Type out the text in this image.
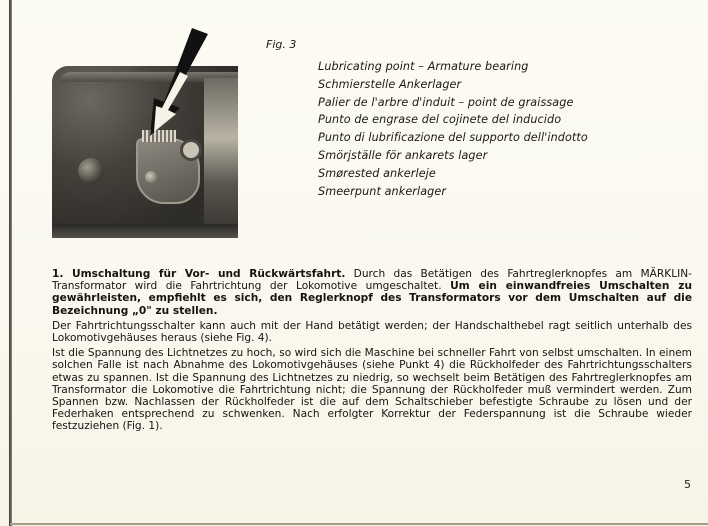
Fig. 3
Lubricating point – Armature bearing
Schmierstelle Ankerlager
Palier de l'arbre d'induit – point de graissage
Punto de engrase del cojinete del inducido
Punto di lubrificazione del supporto dell'indotto
Smörjställe för ankarets lager
Smørested ankerleje
Smeerpunt ankerlager

1. Umschaltung für Vor- und Rückwärtsfahrt. Durch das Betätigen des Fahrtreglerknopfes am MÄRKLIN-Transformator wird die Fahrtrichtung der Lokomotive umgeschaltet. Um ein einwandfreies Umschalten zu gewährleisten, empfiehlt es sich, den Reglerknopf des Transformators vor dem Umschalten auf die Bezeichnung „0" zu stellen.

Der Fahrtrichtungsschalter kann auch mit der Hand betätigt werden; der Handschalthebel ragt seitlich unterhalb des Lokomotivgehäuses heraus (siehe Fig. 4).

Ist die Spannung des Lichtnetzes zu hoch, so wird sich die Maschine bei schneller Fahrt von selbst umschalten. In einem solchen Falle ist nach Abnahme des Lokomotivgehäuses (siehe Punkt 4) die Rückholfeder des Fahrtrichtungsschalters etwas zu spannen. Ist die Spannung des Lichtnetzes zu niedrig, so wechselt beim Betätigen des Fahrtreglerknopfes am Transformator die Lokomotive die Fahrtrichtung nicht; die Spannung der Rückholfeder muß vermindert werden. Zum Spannen bzw. Nachlassen der Rückholfeder ist die auf dem Schaltschieber befestigte Schraube zu lösen und der Federhaken entsprechend zu schwenken. Nach erfolgter Korrektur der Federspannung ist die Schraube wieder festzuziehen (Fig. 1).

5
